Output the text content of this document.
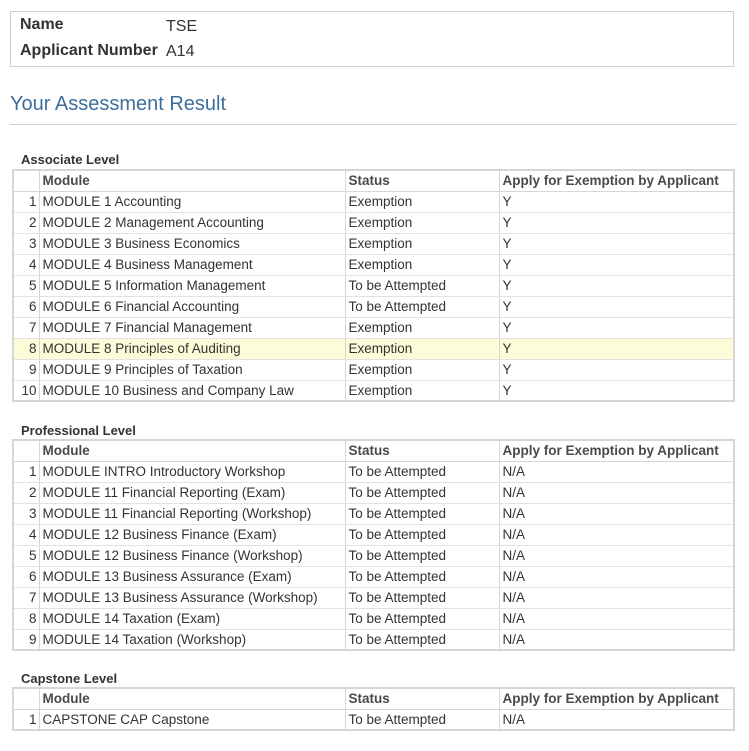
Name	TSE
Applicant Number A14
Your Assessment Result
Associate Level
	Module	Status	Apply for Exemption by Applicant
1	MODULE 1 Accounting	Exemption	Y
2	MODULE 2 Management Accounting	Exemption	Y
3	MODULE 3 Business Economics	Exemption	Y
4	MODULE 4 Business Management	Exemption	Y
5	MODULE 5 Information Management	To be Attempted	Y
6	MODULE 6 Financial Accounting	To be Attempted	Y
7	MODULE 7 Financial Management	Exemption	Y
8	MODULE 8 Principles of Auditing	Exemption	Y
9	MODULE 9 Principles of Taxation	Exemption	Y
10	MODULE 10 Business and Company Law	Exemption	Y
Professional Level
	Module	Status	Apply for Exemption by Applicant
1	MODULE INTRO Introductory Workshop	To be Attempted	N/A
2	MODULE 11 Financial Reporting (Exam)	To be Attempted	N/A
3	MODULE 11 Financial Reporting (Workshop)	To be Attempted	N/A
4	MODULE 12 Business Finance (Exam)	To be Attempted	N/A
5	MODULE 12 Business Finance (Workshop)	To be Attempted	N/A
6	MODULE 13 Business Assurance (Exam)	To be Attempted	N/A
7	MODULE 13 Business Assurance (Workshop)	To be Attempted	N/A
8	MODULE 14 Taxation (Exam)	To be Attempted	N/A
9	MODULE 14 Taxation (Workshop)	To be Attempted	N/A
Capstone Level
	Module	Status	Apply for Exemption by Applicant
1	CAPSTONE CAP Capstone	To be Attempted	N/A
